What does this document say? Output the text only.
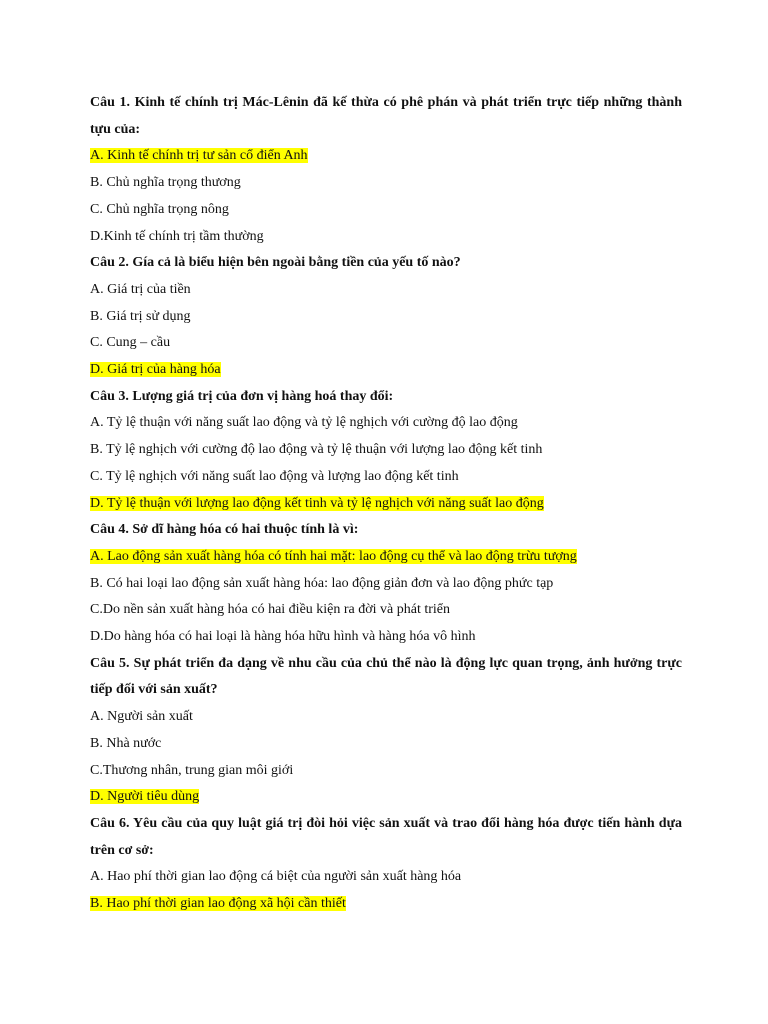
Câu 1. Kinh tế chính trị Mác-Lênin đã kế thừa có phê phán và phát triển trực tiếp những thành tựu của:
A. Kinh tế chính trị tư sản cổ điển Anh
B. Chủ nghĩa trọng thương
C. Chủ nghĩa trọng nông
D.Kinh tế chính trị tầm thường
Câu 2. Gía cả là biểu hiện bên ngoài bằng tiền của yếu tố nào?
A. Giá trị của tiền
B. Giá trị sử dụng
C. Cung – cầu
D. Giá trị của hàng hóa
Câu 3. Lượng giá trị của đơn vị hàng hoá thay đổi:
A. Tỷ lệ thuận với năng suất lao động và tỷ lệ nghịch với cường độ lao động
B. Tỷ lệ nghịch với cường độ lao động và tỷ lệ thuận với lượng lao động kết tinh
C. Tỷ lệ nghịch với năng suất lao động và lượng lao động kết tinh
D. Tỷ lệ thuận với lượng lao động kết tinh và tỷ lệ nghịch với năng suất lao động
Câu 4. Sở dĩ hàng hóa có hai thuộc tính là vì:
A. Lao động sản xuất hàng hóa có tính hai mặt: lao động cụ thể và lao động trừu tượng
B. Có hai loại lao động sản xuất hàng hóa: lao động giản đơn và lao động phức tạp
C.Do nền sản xuất hàng hóa có hai điều kiện ra đời và phát triển
D.Do hàng hóa có hai loại là hàng hóa hữu hình và hàng hóa vô hình
Câu 5. Sự phát triển đa dạng về nhu cầu của chủ thể nào là động lực quan trọng, ảnh hưởng trực tiếp đối với sản xuất?
A. Người sản xuất
B. Nhà nước
C.Thương nhân, trung gian môi giới
D. Người tiêu dùng
Câu 6. Yêu cầu của quy luật giá trị đòi hỏi việc sản xuất và trao đổi hàng hóa được tiến hành dựa trên cơ sở:
A. Hao phí thời gian lao động cá biệt của người sản xuất hàng hóa
B. Hao phí thời gian lao động xã hội cần thiết
